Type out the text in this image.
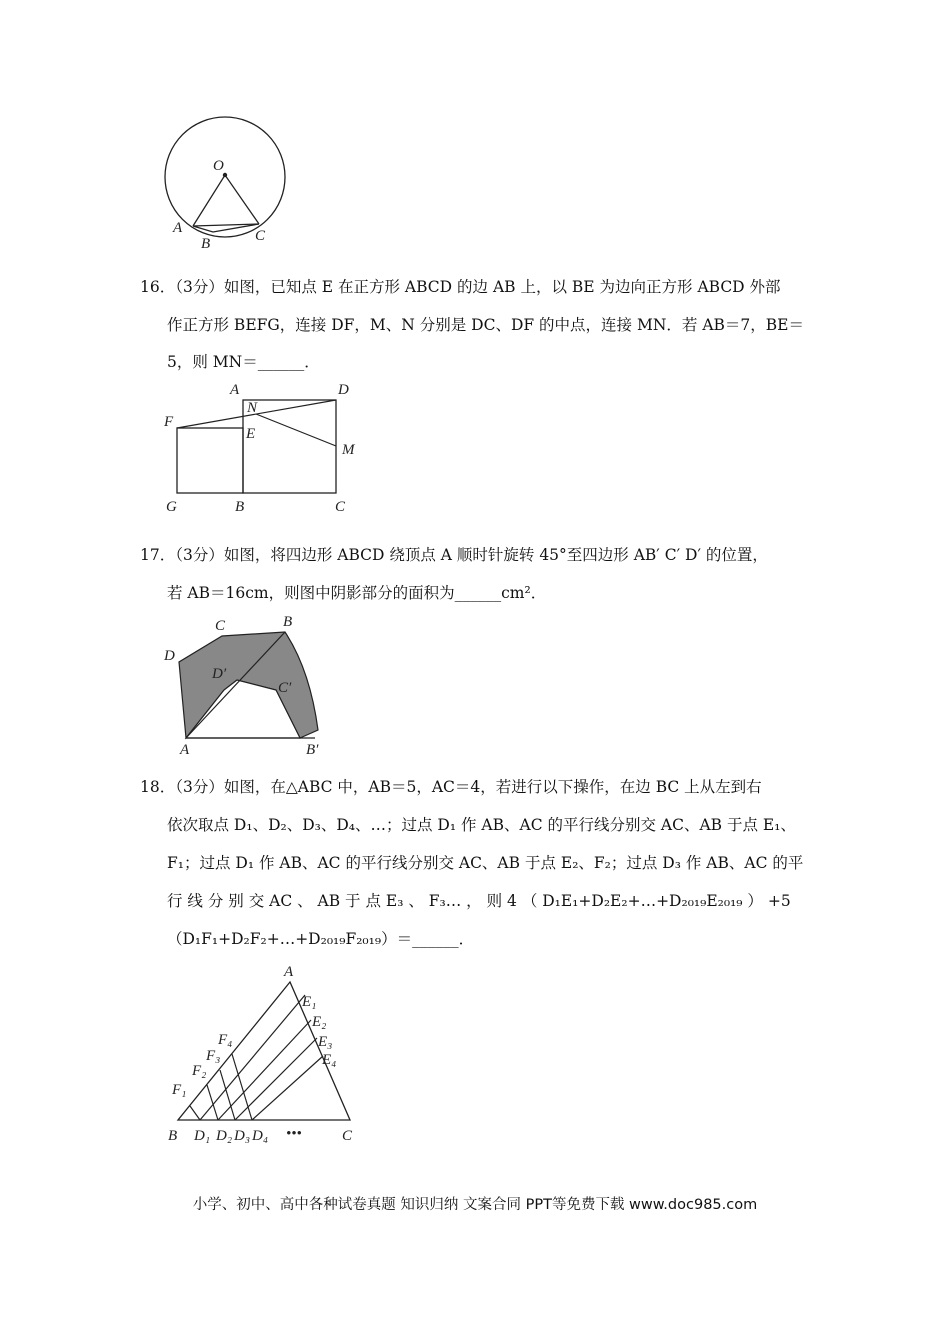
O
A
B	C
16．（3分）如图，已知点 E 在正方形 ABCD 的边 AB 上，以 BE 为边向正方形 ABCD 外部
作正方形 BEFG，连接 DF，M、N 分别是 DC、DF 的中点，连接 MN．若 AB＝7，BE＝
5，则 MN＝______．
A	D
F
N
E
M
G	B	C
17．（3分）如图，将四边形 ABCD 绕顶点 A 顺时针旋转 45°至四边形 AB′ C′ D′ 的位置，
若 AB＝16cm，则图中阴影部分的面积为______cm²．
C	B
D
D′
C′
A	B′
18．（3分）如图，在△ABC 中，AB＝5，AC＝4，若进行以下操作，在边 BC 上从左到右
依次取点 D₁、D₂、D₃、D₄、…；过点 D₁ 作 AB、AC 的平行线分别交 AC、AB 于点 E₁、
F₁；过点 D₁ 作 AB、AC 的平行线分别交 AC、AB 于点 E₂、F₂；过点 D₃ 作 AB、AC 的平
行 线 分 别 交 AC 、 AB 于 点 E₃ 、 F₃… ， 则 4 （ D₁E₁+D₂E₂+…+D₂₀₁₉E₂₀₁₉ ） +5
（D₁F₁+D₂F₂+…+D₂₀₁₉F₂₀₁₉）＝______．
A
B	C
E₁
E₂
E₃
E₄
F₁
F₂
F₃
F₄
D₁ D₂ D₃ D₄ •••
小学、初中、高中各种试卷真题 知识归纳 文案合同 PPT等免费下载 www.doc985.com
